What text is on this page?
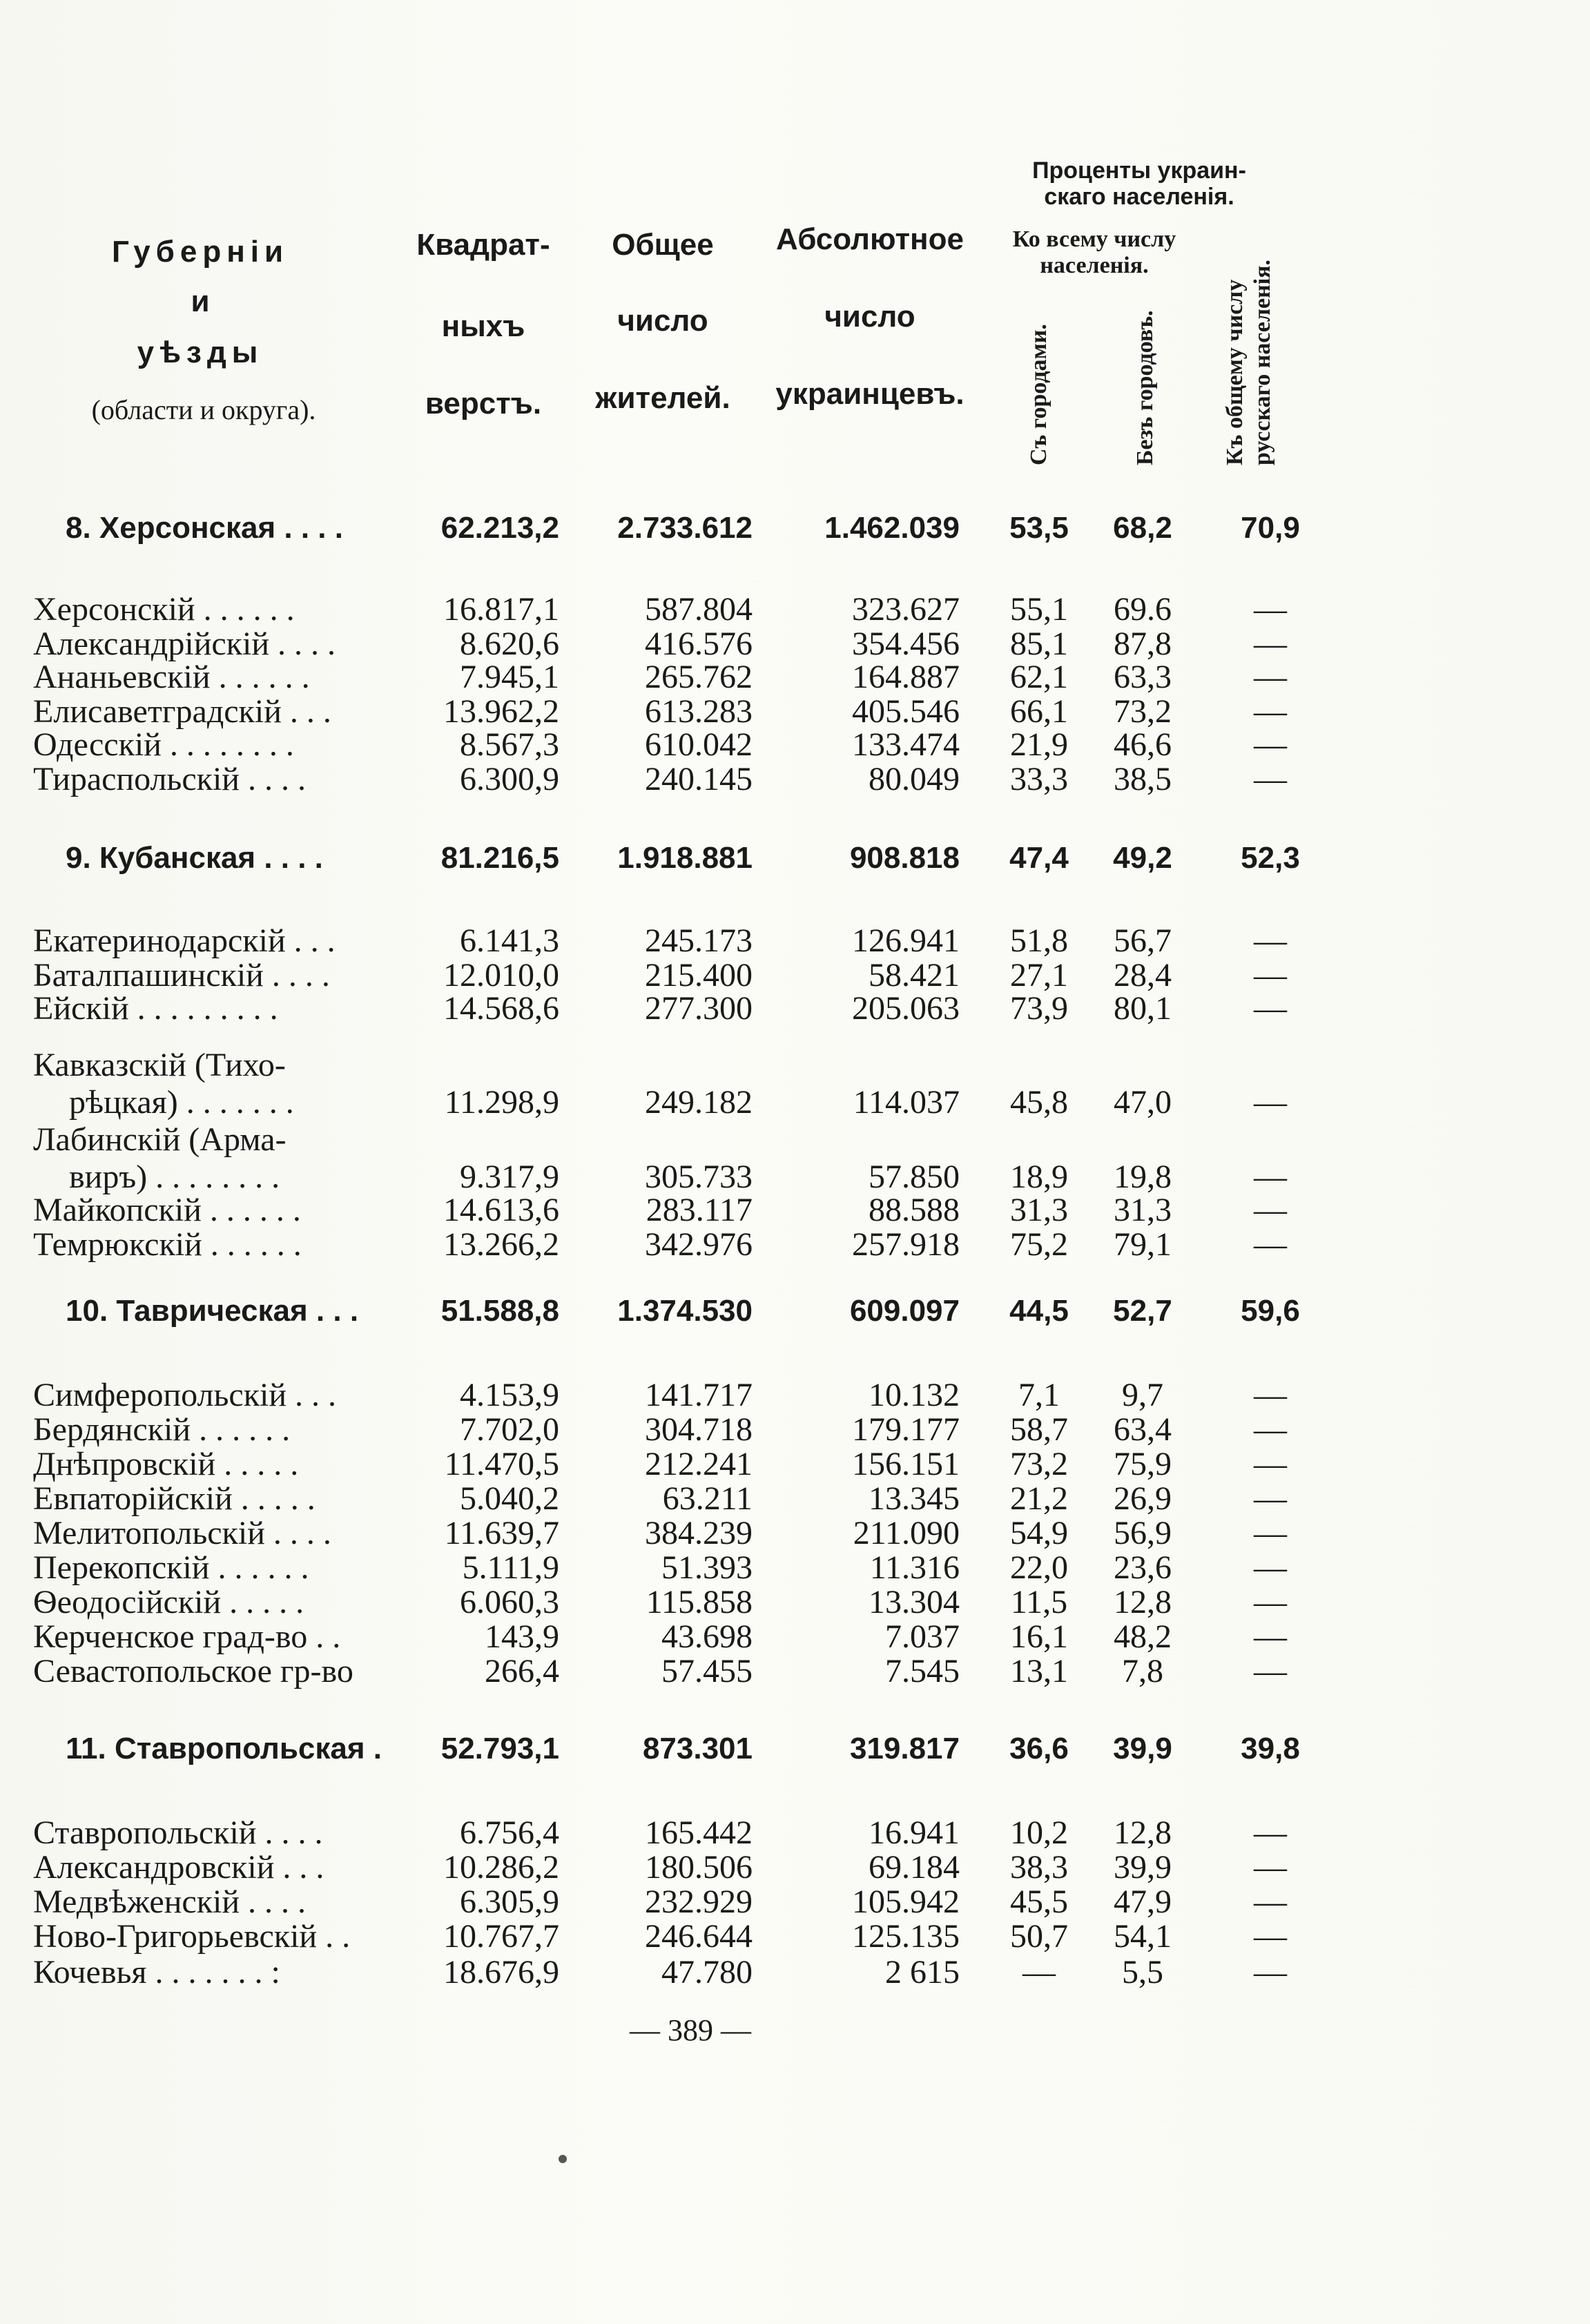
Губерніи
и
уѣзды
(области и округа).
Квадрат-
ныхъ
верстъ.
Общее
число
жителей.
Абсолютное
число
украинцевъ.
Проценты украин-
скаго населенія.
Ко всему числу
населенія.
Съ городами.	Безъ городовъ.	Къ общему числу русскаго населенія.
8. Херсонская . . . .	62.213,2	2.733.612	1.462.039	53,5	68,2	70,9
Херсонскій . . . . . .	16.817,1	587.804	323.627	55,1	69.6	—
Александрійскій . . . .	8.620,6	416.576	354.456	85,1	87,8	—
Ананьевскій . . . . . .	7.945,1	265.762	164.887	62,1	63,3	—
Елисаветградскій . . .	13.962,2	613.283	405.546	66,1	73,2	—
Одесскій . . . . . . . .	8.567,3	610.042	133.474	21,9	46,6	—
Тираспольскій . . . .	6.300,9	240.145	80.049	33,3	38,5	—
9. Кубанская . . . .	81.216,5	1.918.881	908.818	47,4	49,2	52,3
Екатеринодарскій . . .	6.141,3	245.173	126.941	51,8	56,7	—
Баталпашинскій . . . .	12.010,0	215.400	58.421	27,1	28,4	—
Ейскій . . . . . . . . .	14.568,6	277.300	205.063	73,9	80,1	—
Кавказскій (Тихо-
рѣцкая) . . . . . . .	11.298,9	249.182	114.037	45,8	47,0	—
Лабинскій (Арма-
виръ) . . . . . . . .	9.317,9	305.733	57.850	18,9	19,8	—
Майкопскій . . . . . .	14.613,6	283.117	88.588	31,3	31,3	—
Темрюкскій . . . . . .	13.266,2	342.976	257.918	75,2	79,1	—
10. Таврическая . . .	51.588,8	1.374.530	609.097	44,5	52,7	59,6
Симферопольскій . . .	4.153,9	141.717	10.132	7,1	9,7	—
Бердянскій . . . . . .	7.702,0	304.718	179.177	58,7	63,4	—
Днѣпровскій . . . . .	11.470,5	212.241	156.151	73,2	75,9	—
Евпаторійскій . . . . .	5.040,2	63.211	13.345	21,2	26,9	—
Мелитопольскій . . . .	11.639,7	384.239	211.090	54,9	56,9	—
Перекопскій . . . . . .	5.111,9	51.393	11.316	22,0	23,6	—
Ѳеодосійскій . . . . .	6.060,3	115.858	13.304	11,5	12,8	—
Керченское град-во . .	143,9	43.698	7.037	16,1	48,2	—
Севастопольское гр-во	266,4	57.455	7.545	13,1	7,8	—
11. Ставропольская .	52.793,1	873.301	319.817	36,6	39,9	39,8
Ставропольскій . . . .	6.756,4	165.442	16.941	10,2	12,8	—
Александровскій . . .	10.286,2	180.506	69.184	38,3	39,9	—
Медвѣженскій . . . .	6.305,9	232.929	105.942	45,5	47,9	—
Ново-Григорьевскій . .	10.767,7	246.644	125.135	50,7	54,1	—
Кочевья . . . . . . . :	18.676,9	47.780	2 615	—	5,5	—
— 389 —
